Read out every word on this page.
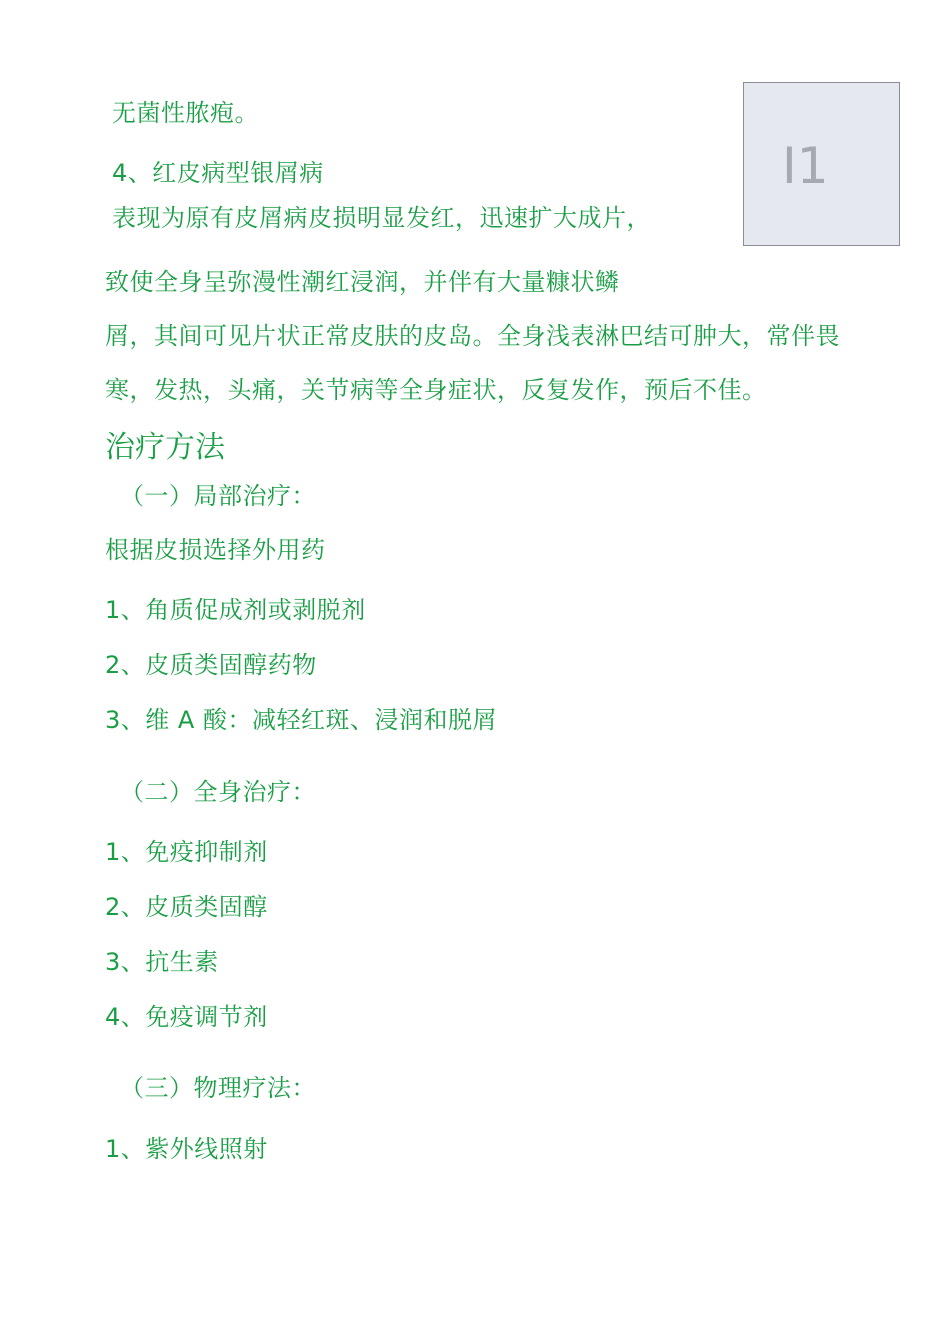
I1
无菌性脓疱。
4、红皮病型银屑病
表现为原有皮屑病皮损明显发红，迅速扩大成片，
致使全身呈弥漫性潮红浸润，并伴有大量糠状鳞
屑，其间可见片状正常皮肤的皮岛。全身浅表淋巴结可肿大，常伴畏
寒，发热，头痛，关节病等全身症状，反复发作，预后不佳。
治疗方法
（一）局部治疗：
根据皮损选择外用药
1、角质促成剂或剥脱剂
2、皮质类固醇药物
3、维 A 酸：减轻红斑、浸润和脱屑
（二）全身治疗：
1、免疫抑制剂
2、皮质类固醇
3、抗生素
4、免疫调节剂
（三）物理疗法：
1、紫外线照射
